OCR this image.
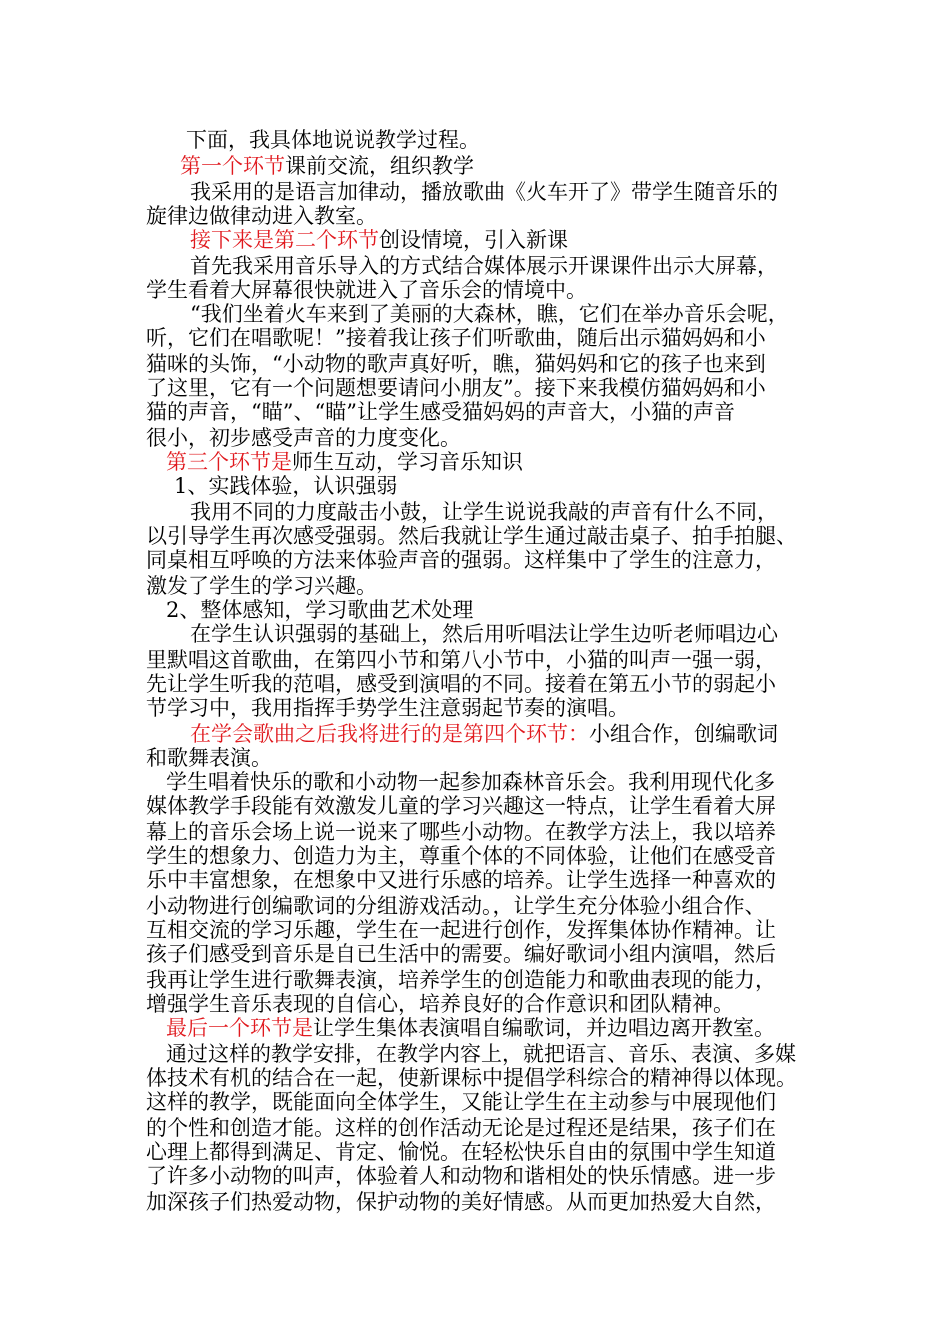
下面，我具体地说说教学过程。
第一个环节课前交流，组织教学
我采用的是语言加律动，播放歌曲《火车开了》带学生随音乐的
旋律边做律动进入教室。
接下来是第二个环节创设情境，引入新课
首先我采用音乐导入的方式结合媒体展示开课课件出示大屏幕，
学生看着大屏幕很快就进入了音乐会的情境中。
“我们坐着火车来到了美丽的大森林，瞧，它们在举办音乐会呢，
听，它们在唱歌呢！”接着我让孩子们听歌曲，随后出示猫妈妈和小
猫咪的头饰，“小动物的歌声真好听，瞧，猫妈妈和它的孩子也来到
了这里，它有一个问题想要请问小朋友”。接下来我模仿猫妈妈和小
猫的声音，“瞄”、“瞄”让学生感受猫妈妈的声音大，小猫的声音
很小，初步感受声音的力度变化。
第三个环节是师生互动，学习音乐知识
1、实践体验，认识强弱
我用不同的力度敲击小鼓，让学生说说我敲的声音有什么不同，
以引导学生再次感受强弱。然后我就让学生通过敲击桌子、拍手拍腿、
同桌相互呼唤的方法来体验声音的强弱。这样集中了学生的注意力，
激发了学生的学习兴趣。
2、整体感知，学习歌曲艺术处理
在学生认识强弱的基础上，然后用听唱法让学生边听老师唱边心
里默唱这首歌曲，在第四小节和第八小节中，小猫的叫声一强一弱，
先让学生听我的范唱，感受到演唱的不同。接着在第五小节的弱起小
节学习中，我用指挥手势学生注意弱起节奏的演唱。
在学会歌曲之后我将进行的是第四个环节：小组合作，创编歌词
和歌舞表演。
学生唱着快乐的歌和小动物一起参加森林音乐会。我利用现代化多
媒体教学手段能有效激发儿童的学习兴趣这一特点，让学生看着大屏
幕上的音乐会场上说一说来了哪些小动物。在教学方法上，我以培养
学生的想象力、创造力为主，尊重个体的不同体验，让他们在感受音
乐中丰富想象，在想象中又进行乐感的培养。让学生选择一种喜欢的
小动物进行创编歌词的分组游戏活动。，让学生充分体验小组合作、
互相交流的学习乐趣，学生在一起进行创作，发挥集体协作精神。让
孩子们感受到音乐是自已生活中的需要。编好歌词小组内演唱，然后
我再让学生进行歌舞表演，培养学生的创造能力和歌曲表现的能力，
增强学生音乐表现的自信心，培养良好的合作意识和团队精神。
最后一个环节是让学生集体表演唱自编歌词，并边唱边离开教室。
通过这样的教学安排，在教学内容上，就把语言、音乐、表演、多媒
体技术有机的结合在一起，使新课标中提倡学科综合的精神得以体现。
这样的教学，既能面向全体学生，又能让学生在主动参与中展现他们
的个性和创造才能。这样的创作活动无论是过程还是结果，孩子们在
心理上都得到满足、肯定、愉悦。在轻松快乐自由的氛围中学生知道
了许多小动物的叫声，体验着人和动物和谐相处的快乐情感。进一步
加深孩子们热爱动物，保护动物的美好情感。从而更加热爱大自然，
